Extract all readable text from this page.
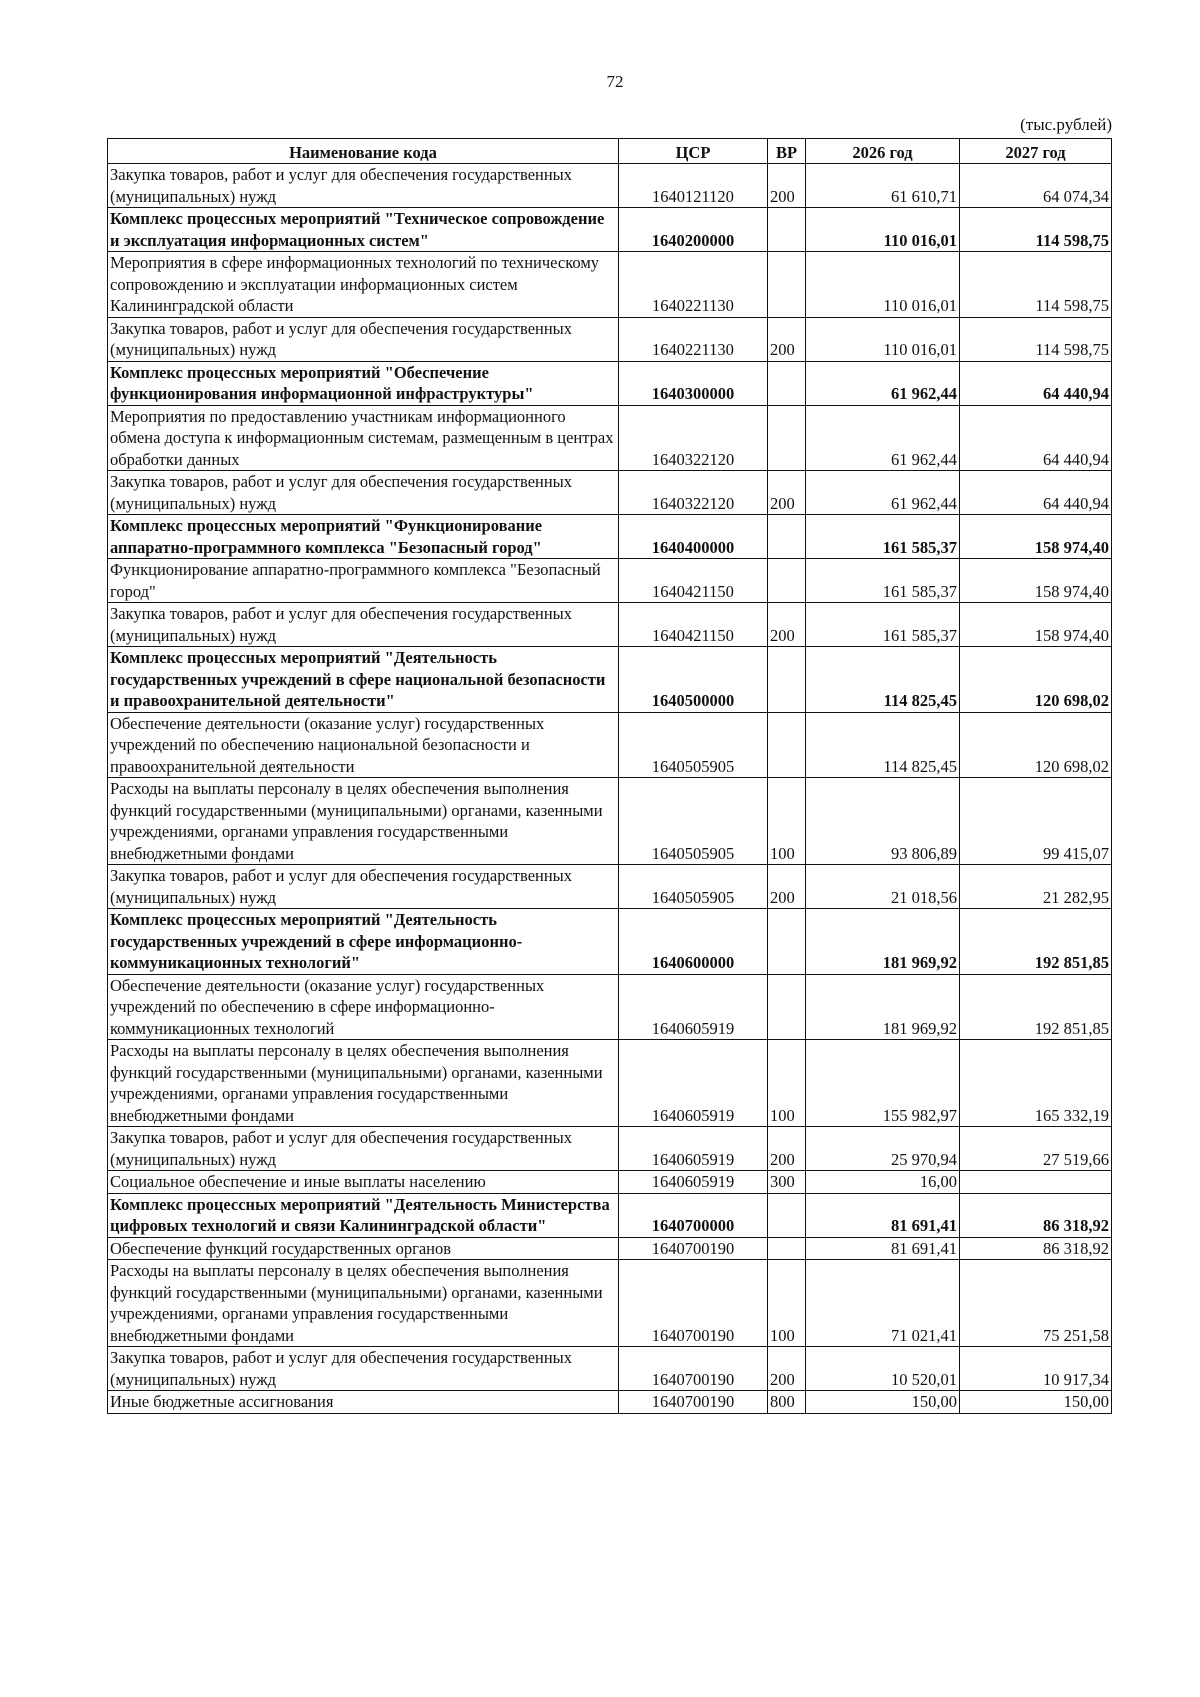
72
(тыс.рублей)
Наименование кода	ЦСР	ВР	2026 год	2027 год
Закупка товаров, работ и услуг для обеспечения государственных (муниципальных) нужд	1640121120	200	61 610,71	64 074,34
Комплекс процессных мероприятий "Техническое сопровождение и эксплуатация информационных систем"	1640200000		110 016,01	114 598,75
Мероприятия в сфере информационных технологий по техническому сопровождению и эксплуатации информационных систем Калининградской области	1640221130		110 016,01	114 598,75
Закупка товаров, работ и услуг для обеспечения государственных (муниципальных) нужд	1640221130	200	110 016,01	114 598,75
Комплекс процессных мероприятий "Обеспечение функционирования информационной инфраструктуры"	1640300000		61 962,44	64 440,94
Мероприятия по предоставлению участникам информационного обмена доступа к информационным системам, размещенным в центрах обработки данных	1640322120		61 962,44	64 440,94
Закупка товаров, работ и услуг для обеспечения государственных (муниципальных) нужд	1640322120	200	61 962,44	64 440,94
Комплекс процессных мероприятий "Функционирование аппаратно-программного комплекса "Безопасный город"	1640400000		161 585,37	158 974,40
Функционирование аппаратно-программного комплекса "Безопасный город"	1640421150		161 585,37	158 974,40
Закупка товаров, работ и услуг для обеспечения государственных (муниципальных) нужд	1640421150	200	161 585,37	158 974,40
Комплекс процессных мероприятий "Деятельность государственных учреждений в сфере национальной безопасности и правоохранительной деятельности"	1640500000		114 825,45	120 698,02
Обеспечение деятельности (оказание услуг) государственных учреждений по обеспечению национальной безопасности и правоохранительной деятельности	1640505905		114 825,45	120 698,02
Расходы на выплаты персоналу в целях обеспечения выполнения функций государственными (муниципальными) органами, казенными учреждениями, органами управления государственными внебюджетными фондами	1640505905	100	93 806,89	99 415,07
Закупка товаров, работ и услуг для обеспечения государственных (муниципальных) нужд	1640505905	200	21 018,56	21 282,95
Комплекс процессных мероприятий "Деятельность государственных учреждений в сфере информационно-коммуникационных технологий"	1640600000		181 969,92	192 851,85
Обеспечение деятельности (оказание услуг) государственных учреждений по обеспечению в сфере информационно-коммуникационных технологий	1640605919		181 969,92	192 851,85
Расходы на выплаты персоналу в целях обеспечения выполнения функций государственными (муниципальными) органами, казенными учреждениями, органами управления государственными внебюджетными фондами	1640605919	100	155 982,97	165 332,19
Закупка товаров, работ и услуг для обеспечения государственных (муниципальных) нужд	1640605919	200	25 970,94	27 519,66
Социальное обеспечение и иные выплаты населению	1640605919	300	16,00	
Комплекс процессных мероприятий "Деятельность Министерства цифровых технологий и связи Калининградской области"	1640700000		81 691,41	86 318,92
Обеспечение функций государственных органов	1640700190		81 691,41	86 318,92
Расходы на выплаты персоналу в целях обеспечения выполнения функций государственными (муниципальными) органами, казенными учреждениями, органами управления государственными внебюджетными фондами	1640700190	100	71 021,41	75 251,58
Закупка товаров, работ и услуг для обеспечения государственных (муниципальных) нужд	1640700190	200	10 520,01	10 917,34
Иные бюджетные ассигнования	1640700190	800	150,00	150,00
